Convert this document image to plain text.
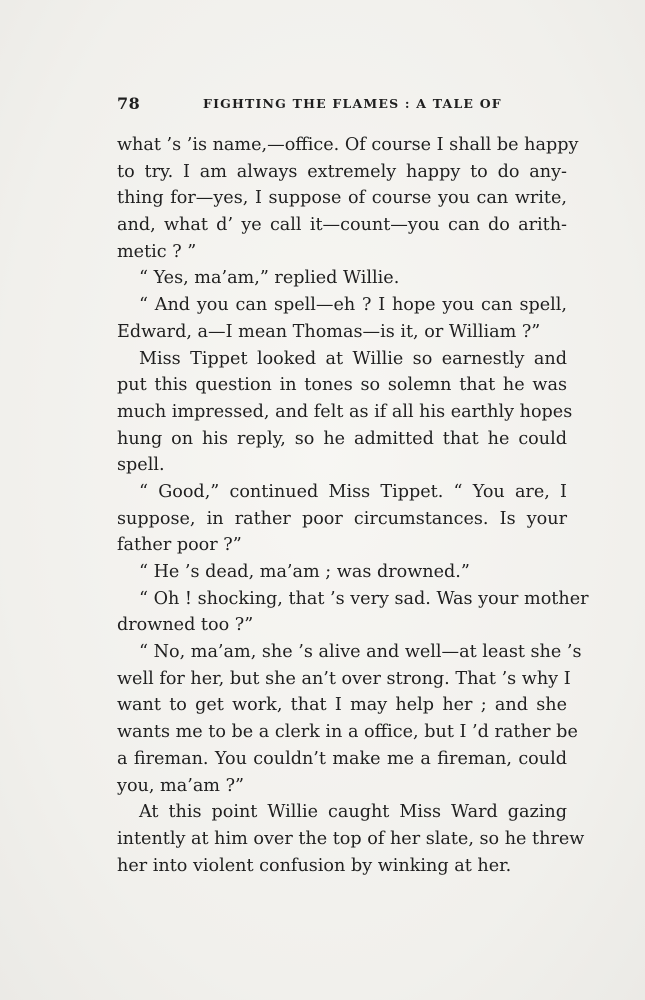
78	FIGHTING THE FLAMES : A TALE OF
what ’s ’is name,—office. Of course I shall be happy
to try. I am always extremely happy to do any-
thing for—yes, I suppose of course you can write,
and, what d’ ye call it—count—you can do arith-
metic ? ”
“ Yes, ma’am,” replied Willie.
“ And you can spell—eh ? I hope you can spell,
Edward, a—I mean Thomas—is it, or William ?”
Miss Tippet looked at Willie so earnestly and
put this question in tones so solemn that he was
much impressed, and felt as if all his earthly hopes
hung on his reply, so he admitted that he could
spell.
“ Good,” continued Miss Tippet. “ You are, I
suppose, in rather poor circumstances. Is your
father poor ?”
“ He ’s dead, ma’am ; was drowned.”
“ Oh ! shocking, that ’s very sad. Was your mother
drowned too ?”
“ No, ma’am, she ’s alive and well—at least she ’s
well for her, but she an’t over strong. That ’s why I
want to get work, that I may help her ; and she
wants me to be a clerk in a office, but I ’d rather be
a fireman. You couldn’t make me a fireman, could
you, ma’am ?”
At this point Willie caught Miss Ward gazing
intently at him over the top of her slate, so he threw
her into violent confusion by winking at her.
